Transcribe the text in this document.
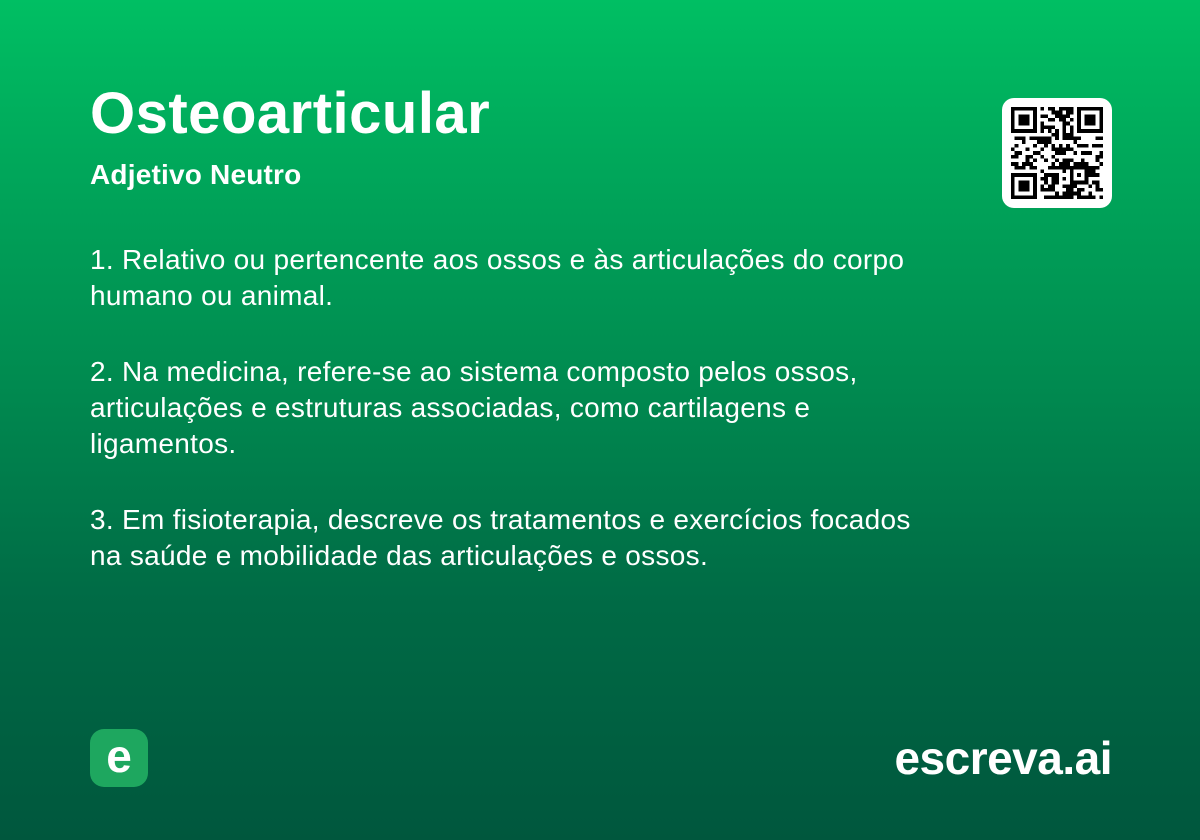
Osteoarticular
Adjetivo Neutro
1. Relativo ou pertencente aos ossos e às articulações do corpo
humano ou animal.
2. Na medicina, refere-se ao sistema composto pelos ossos,
articulações e estruturas associadas, como cartilagens e
ligamentos.
3. Em fisioterapia, descreve os tratamentos e exercícios focados
na saúde e mobilidade das articulações e ossos.
e	escreva.ai
